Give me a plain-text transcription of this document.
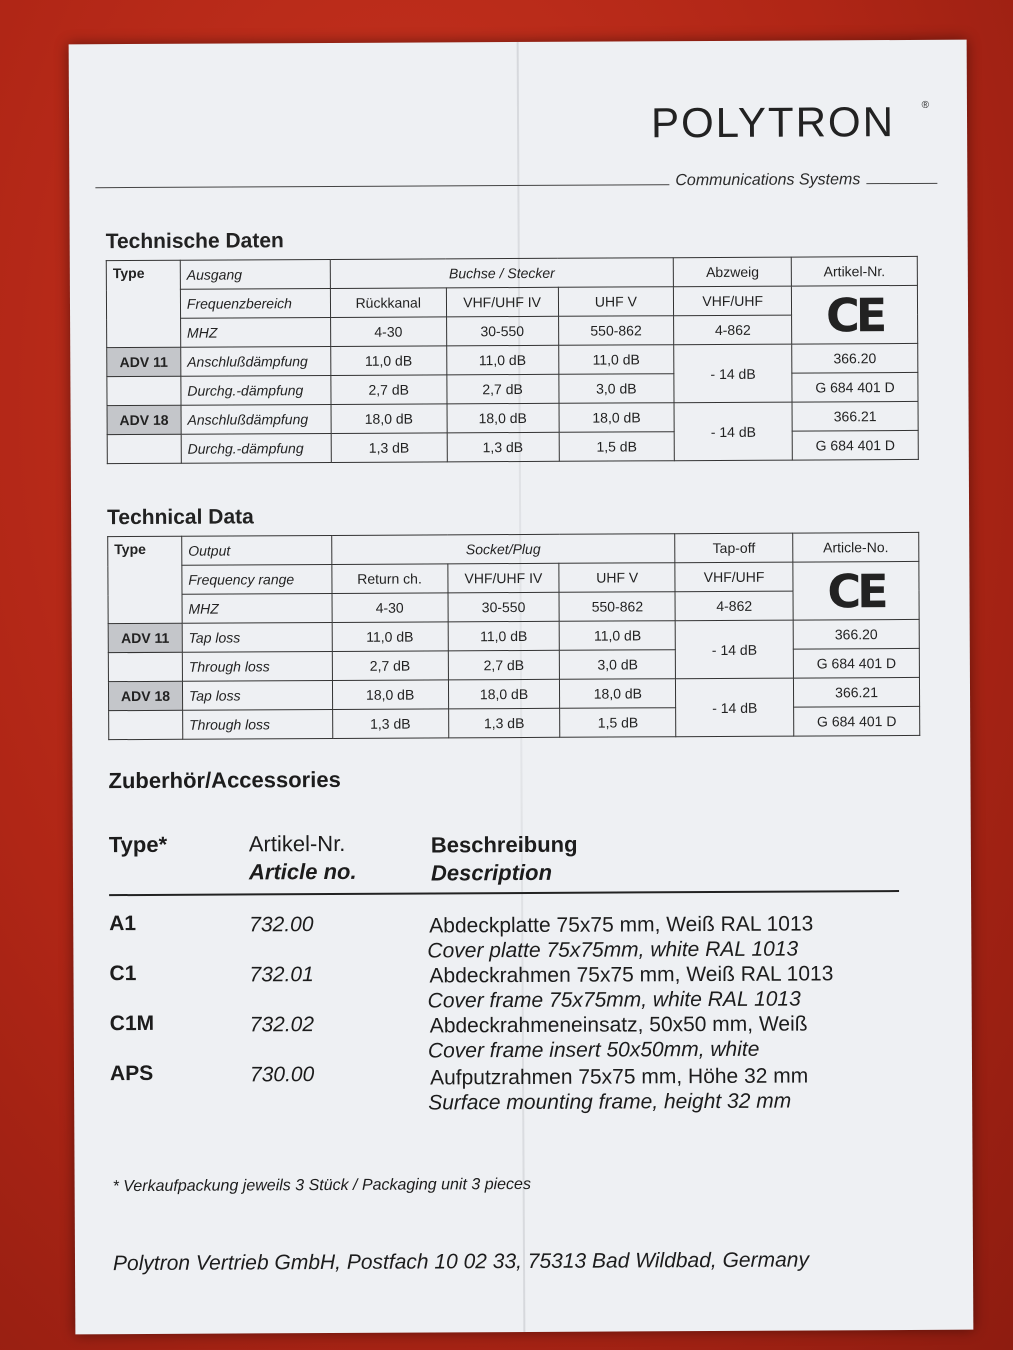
POLYTRON	®
Communications Systems
Technische Daten
Type	Ausgang	Buchse / Stecker			Abzweig	Artikel-Nr.
	Frequenzbereich	Rückkanal	VHF/UHF IV	UHF V	VHF/UHF	CE
	MHZ	4-30	30-550	550-862	4-862	
ADV 11	Anschlußdämpfung	11,0 dB	11,0 dB	11,0 dB	- 14 dB	366.20
	Durchg.-dämpfung	2,7 dB	2,7 dB	3,0 dB		G 684 401 D
ADV 18	Anschlußdämpfung	18,0 dB	18,0 dB	18,0 dB	- 14 dB	366.21
	Durchg.-dämpfung	1,3 dB	1,3 dB	1,5 dB		G 684 401 D
Technical Data
Type	Output	Socket/Plug			Tap-off	Article-No.
	Frequency range	Return ch.	VHF/UHF IV	UHF V	VHF/UHF	CE
	MHZ	4-30	30-550	550-862	4-862	
ADV 11	Tap loss	11,0 dB	11,0 dB	11,0 dB	- 14 dB	366.20
	Through loss	2,7 dB	2,7 dB	3,0 dB		G 684 401 D
ADV 18	Tap loss	18,0 dB	18,0 dB	18,0 dB	- 14 dB	366.21
	Through loss	1,3 dB	1,3 dB	1,5 dB		G 684 401 D
Zuberhör/Accessories
Type*	Artikel-Nr.
Article no.
Beschreibung
Description
A1	732.00	Abdeckplatte 75x75 mm, Weiß RAL 1013
Cover platte 75x75mm, white RAL 1013
C1	732.01	Abdeckrahmen 75x75 mm, Weiß RAL 1013
Cover frame 75x75mm, white RAL 1013
C1M	732.02	Abdeckrahmeneinsatz, 50x50 mm, Weiß
Cover frame insert 50x50mm, white
APS	730.00	Aufputzrahmen 75x75 mm, Höhe 32 mm
Surface mounting frame, height 32 mm
* Verkaufpackung jeweils 3 Stück / Packaging unit 3 pieces
Polytron Vertrieb GmbH, Postfach 10 02 33, 75313 Bad Wildbad, Germany
